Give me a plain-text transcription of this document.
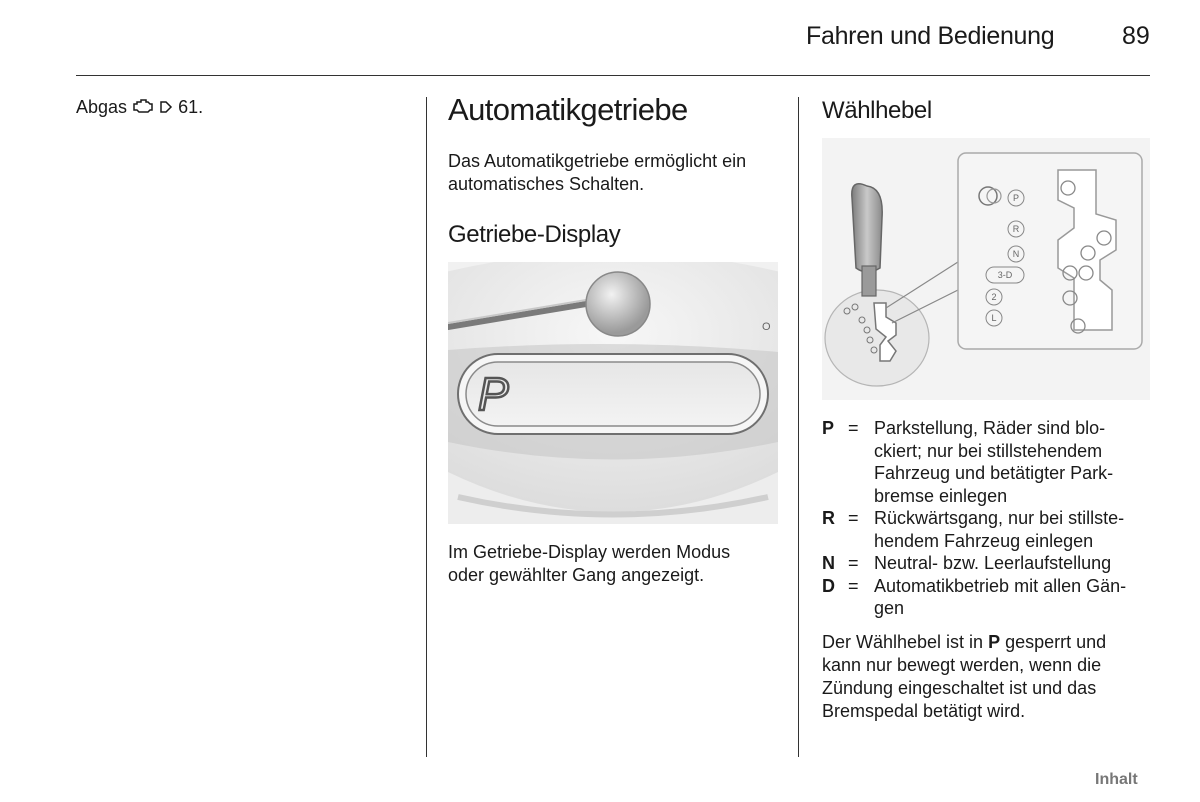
Fahren und Bedienung	89
Abgas	61.	Automatikgetriebe
Das Automatikgetriebe ermöglicht ein
automatisches Schalten.
Getriebe-Display
P
O
Im Getriebe-Display werden Modus
oder gewählter Gang angezeigt.
Wählhebel
P
R
N
3-D
2
L
P = Parkstellung, Räder sind blo-
ckiert; nur bei stillstehendem
Fahrzeug und betätigter Park-
bremse einlegen
R = Rückwärtsgang, nur bei stillste-
hendem Fahrzeug einlegen
N = Neutral- bzw. Leerlaufstellung
D = Automatikbetrieb mit allen Gän-
gen
Der Wählhebel ist in P gesperrt und
kann nur bewegt werden, wenn die
Zündung eingeschaltet ist und das
Bremspedal betätigt wird.
Inhalt
